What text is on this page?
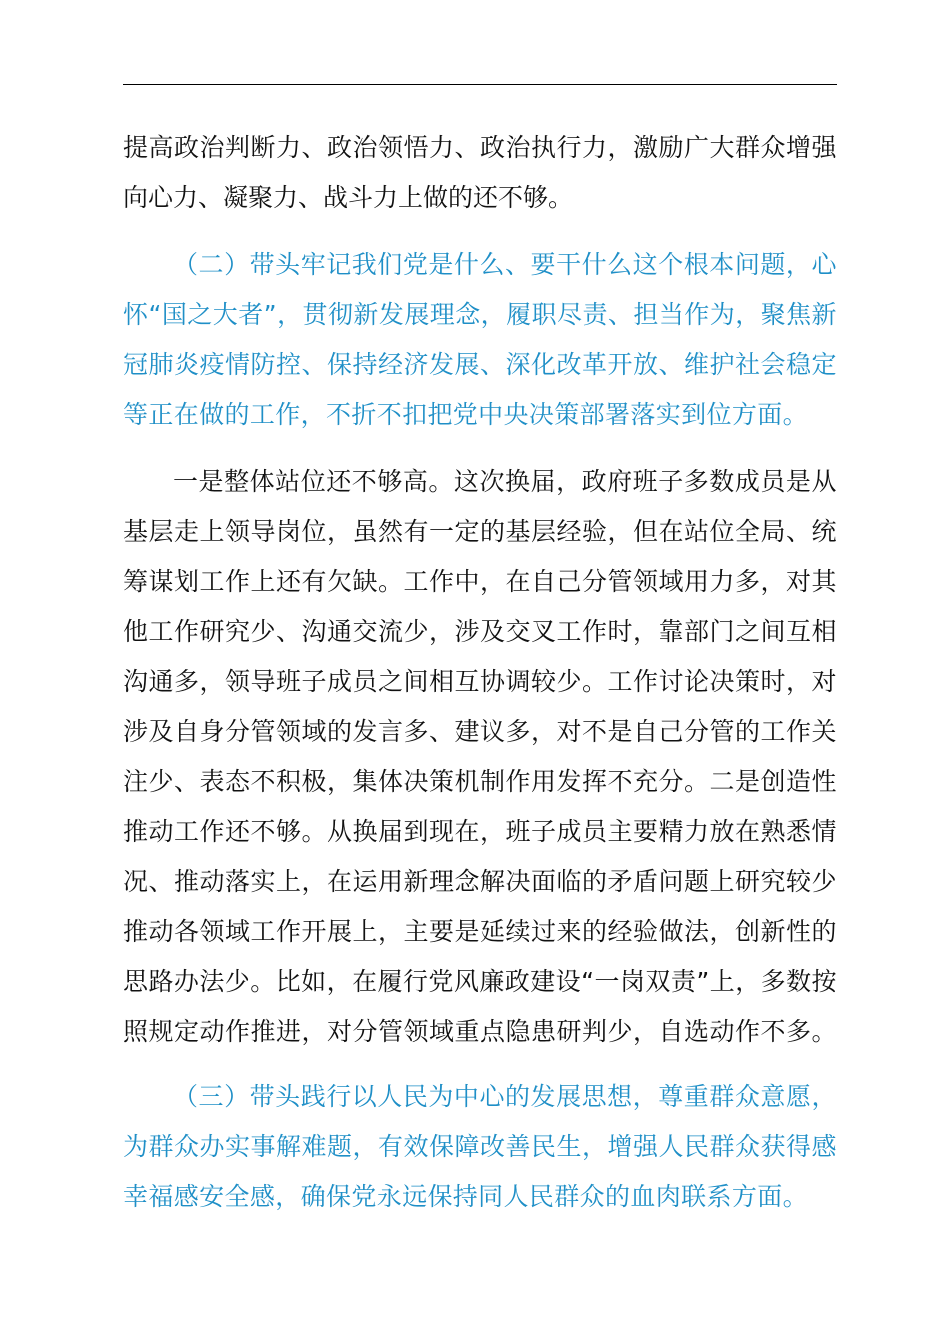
提高政治判断力、政治领悟力、政治执行力，激励广大群众增强
向心力、凝聚力、战斗力上做的还不够。
（二）带头牢记我们党是什么、要干什么这个根本问题，心
怀“国之大者”，贯彻新发展理念，履职尽责、担当作为，聚焦新
冠肺炎疫情防控、保持经济发展、深化改革开放、维护社会稳定
等正在做的工作，不折不扣把党中央决策部署落实到位方面。
一是整体站位还不够高。这次换届，政府班子多数成员是从
基层走上领导岗位，虽然有一定的基层经验，但在站位全局、统
筹谋划工作上还有欠缺。工作中，在自己分管领域用力多，对其
他工作研究少、沟通交流少，涉及交叉工作时，靠部门之间互相
沟通多，领导班子成员之间相互协调较少。工作讨论决策时，对
涉及自身分管领域的发言多、建议多，对不是自己分管的工作关
注少、表态不积极，集体决策机制作用发挥不充分。二是创造性
推动工作还不够。从换届到现在，班子成员主要精力放在熟悉情
况、推动落实上，在运用新理念解决面临的矛盾问题上研究较少
推动各领域工作开展上，主要是延续过来的经验做法，创新性的
思路办法少。比如，在履行党风廉政建设“一岗双责”上，多数按
照规定动作推进，对分管领域重点隐患研判少，自选动作不多。
（三）带头践行以人民为中心的发展思想，尊重群众意愿，
为群众办实事解难题，有效保障改善民生，增强人民群众获得感
幸福感安全感，确保党永远保持同人民群众的血肉联系方面。
